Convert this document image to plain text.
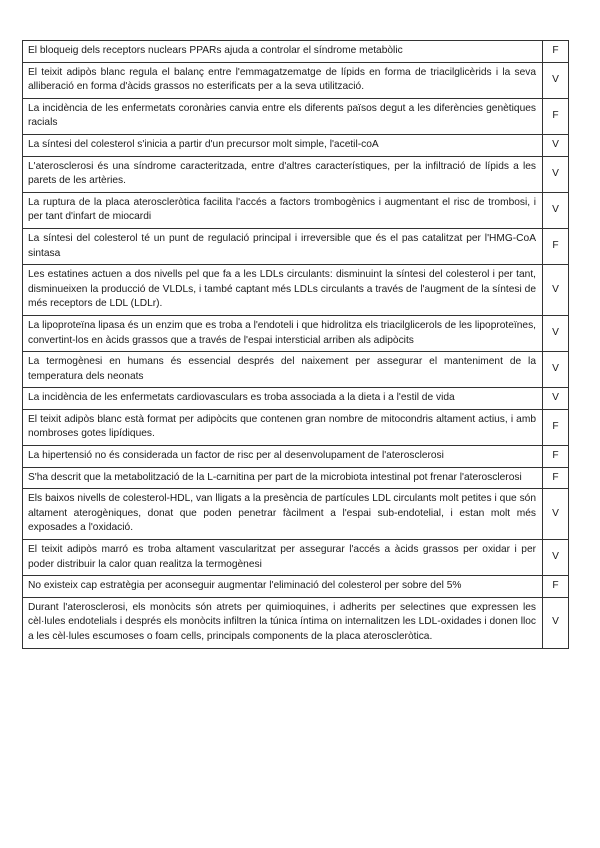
El bloqueig dels receptors nuclears PPARs ajuda a controlar el síndrome metabòlic	F
El teixit adipòs blanc regula el balanç entre l'emmagatzematge de lípids en forma de triacilglicèrids i la seva alliberació en forma d'àcids grassos no esterificats per a la seva utilització.	V
La incidència de les enfermetats coronàries canvia entre els diferents països degut a les diferències genètiques racials	F
La síntesi del colesterol s'inicia a partir d'un precursor molt simple, l'acetil-coA	V
L'aterosclerosi és una síndrome caracteritzada, entre d'altres característiques, per la infiltració de lípids a les parets de les artèries.	V
La ruptura de la placa ateroscleròtica facilita l'accés a factors trombogènics i augmentant el risc de trombosi, i per tant d'infart de miocardi	V
La síntesi del colesterol té un punt de regulació principal i irreversible que és el pas catalitzat per l'HMG-CoA sintasa	F
Les estatines actuen a dos nivells pel que fa a les LDLs circulants: disminuint la síntesi del colesterol i per tant, disminueixen la producció de VLDLs, i també captant més LDLs circulants a través de l'augment de la síntesi de més receptors de LDL (LDLr).	V
La lipoproteïna lipasa és un enzim que es troba a l'endoteli i que hidrolitza els triacilglicerols de les lipoproteïnes, convertint-los en àcids grassos que a través de l'espai intersticial arriben als adipòcits	V
La termogènesi en humans és essencial després del naixement per assegurar el manteniment de la temperatura dels neonats	V
La incidència de les enfermetats cardiovasculars es troba associada a la dieta i a l'estil de vida	V
El teixit adipòs blanc està format per adipòcits que contenen gran nombre de mitocondris altament actius, i amb nombroses gotes lipídiques.	F
La hipertensió no és considerada un factor de risc per al desenvolupament de l'aterosclerosi	F
S'ha descrit que la metabolització de la L-carnitina per part de la microbiota intestinal pot frenar l'aterosclerosi	F
Els baixos nivells de colesterol-HDL, van lligats a la presència de partícules LDL circulants molt petites i que són altament aterogèniques, donat que poden penetrar fàcilment a l'espai sub-endotelial, i estan molt més exposades a l'oxidació.	V
El teixit adipòs marró es troba altament vascularitzat per assegurar l'accés a àcids grassos per oxidar i per poder distribuir la calor quan realitza la termogènesi	V
No existeix cap estratègia per aconseguir augmentar l'eliminació del colesterol per sobre del 5%	F
Durant l'aterosclerosi, els monòcits són atrets per quimioquines, i adherits per selectines que expressen les cèl·lules endotelials i després els monòcits infiltren la túnica íntima on internalitzen les LDL-oxidades i donen lloc a les cèl·lules escumoses o foam cells, principals components de la placa ateroscleròtica.	V
